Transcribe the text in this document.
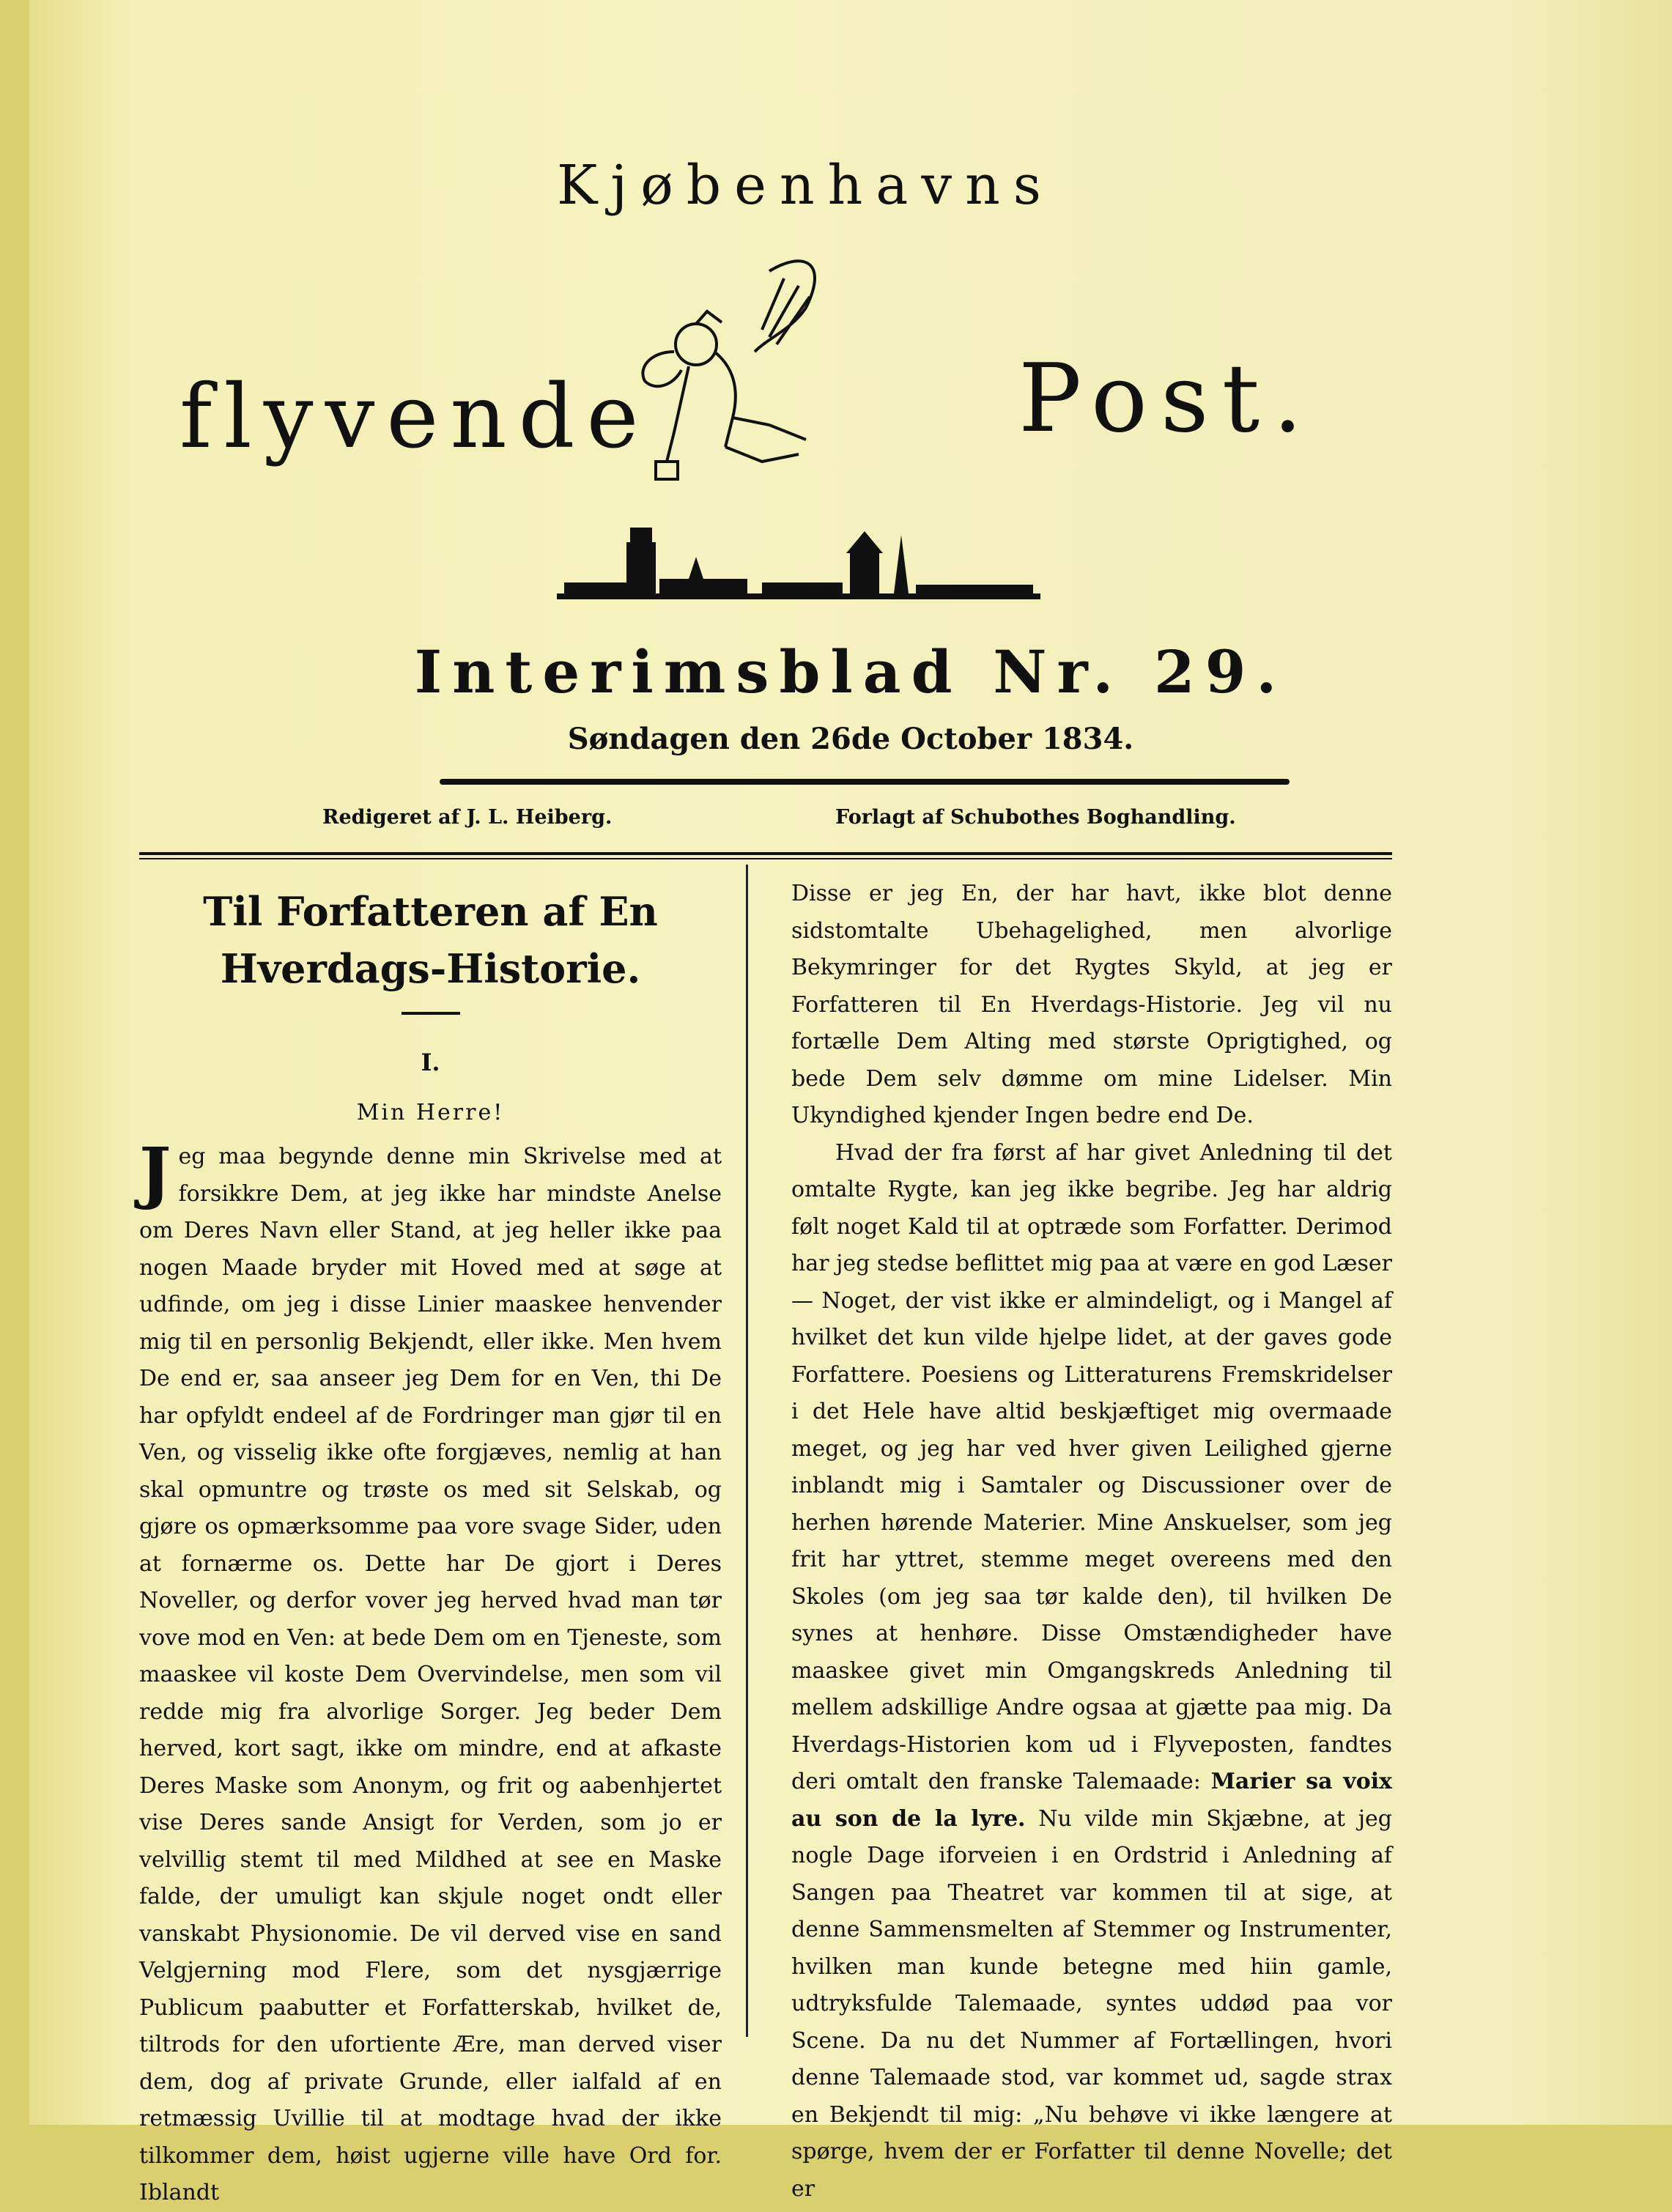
Kjøbenhavns
flyvende	Post.
Interimsblad Nr. 29.
Søndagen den 26de October 1834.
Redigeret af J. L. Heiberg.	Forlagt af Schubothes Boghandling.
Til Forfatteren af En Hverdags-Historie.
I.
Min Herre!

Jeg maa begynde denne min Skrivelse med at forsikkre Dem, at jeg ikke har mindste Anelse om Deres Navn eller Stand, at jeg heller ikke paa nogen Maade bryder mit Hoved med at søge at udfinde, om jeg i disse Linier maaskee henvender mig til en personlig Bekjendt, eller ikke. Men hvem De end er, saa anseer jeg Dem for en Ven, thi De har opfyldt endeel af de Fordringer man gjør til en Ven, og visselig ikke ofte forgjæves, nemlig at han skal opmuntre og trøste os med sit Selskab, og gjøre os opmærksomme paa vore svage Sider, uden at fornærme os. Dette har De gjort i Deres Noveller, og derfor vover jeg herved hvad man tør vove mod en Ven: at bede Dem om en Tjeneste, som maaskee vil koste Dem Overvindelse, men som vil redde mig fra alvorlige Sorger. Jeg beder Dem herved, kort sagt, ikke om mindre, end at afkaste Deres Maske som Anonym, og frit og aabenhjertet vise Deres sande Ansigt for Verden, som jo er velvillig stemt til med Mildhed at see en Maske falde, der umuligt kan skjule noget ondt eller vanskabt Physionomie. De vil derved vise en sand Velgjerning mod Flere, som det nysgjærrige Publicum paabutter et Forfatterskab, hvilket de, tiltrods for den ufortiente Ære, man derved viser dem, dog af private Grunde, eller ialfald af en retmæssig Uvillie til at modtage hvad der ikke tilkommer dem, høist ugjerne ville have Ord for. Iblandt

Disse er jeg En, der har havt, ikke blot denne sidstomtalte Ubehagelighed, men alvorlige Bekymringer for det Rygtes Skyld, at jeg er Forfatteren til En Hverdags-Historie. Jeg vil nu fortælle Dem Alting med største Oprigtighed, og bede Dem selv dømme om mine Lidelser. Min Ukyndighed kjender Ingen bedre end De.

Hvad der fra først af har givet Anledning til det omtalte Rygte, kan jeg ikke begribe. Jeg har aldrig følt noget Kald til at optræde som Forfatter. Derimod har jeg stedse beflittet mig paa at være en god Læser — Noget, der vist ikke er almindeligt, og i Mangel af hvilket det kun vilde hjelpe lidet, at der gaves gode Forfattere. Poesiens og Litteraturens Fremskridelser i det Hele have altid beskjæftiget mig overmaade meget, og jeg har ved hver given Leilighed gjerne inblandt mig i Samtaler og Discussioner over de herhen hørende Materier. Mine Anskuelser, som jeg frit har yttret, stemme meget overeens med den Skoles (om jeg saa tør kalde den), til hvilken De synes at henhøre. Disse Omstændigheder have maaskee givet min Omgangskreds Anledning til mellem adskillige Andre ogsaa at gjætte paa mig. Da Hverdags-Historien kom ud i Flyveposten, fandtes deri omtalt den franske Talemaade: Marier sa voix au son de la lyre. Nu vilde min Skjæbne, at jeg nogle Dage iforveien i en Ordstrid i Anledning af Sangen paa Theatret var kommen til at sige, at denne Sammensmelten af Stemmer og Instrumenter, hvilken man kunde betegne med hiin gamle, udtryksfulde Talemaade, syntes uddød paa vor Scene. Da nu det Nummer af Fortællingen, hvori denne Talemaade stod, var kommet ud, sagde strax en Bekjendt til mig: „Nu behøve vi ikke længere at spørge, hvem der er Forfatter til denne Novelle; det er
